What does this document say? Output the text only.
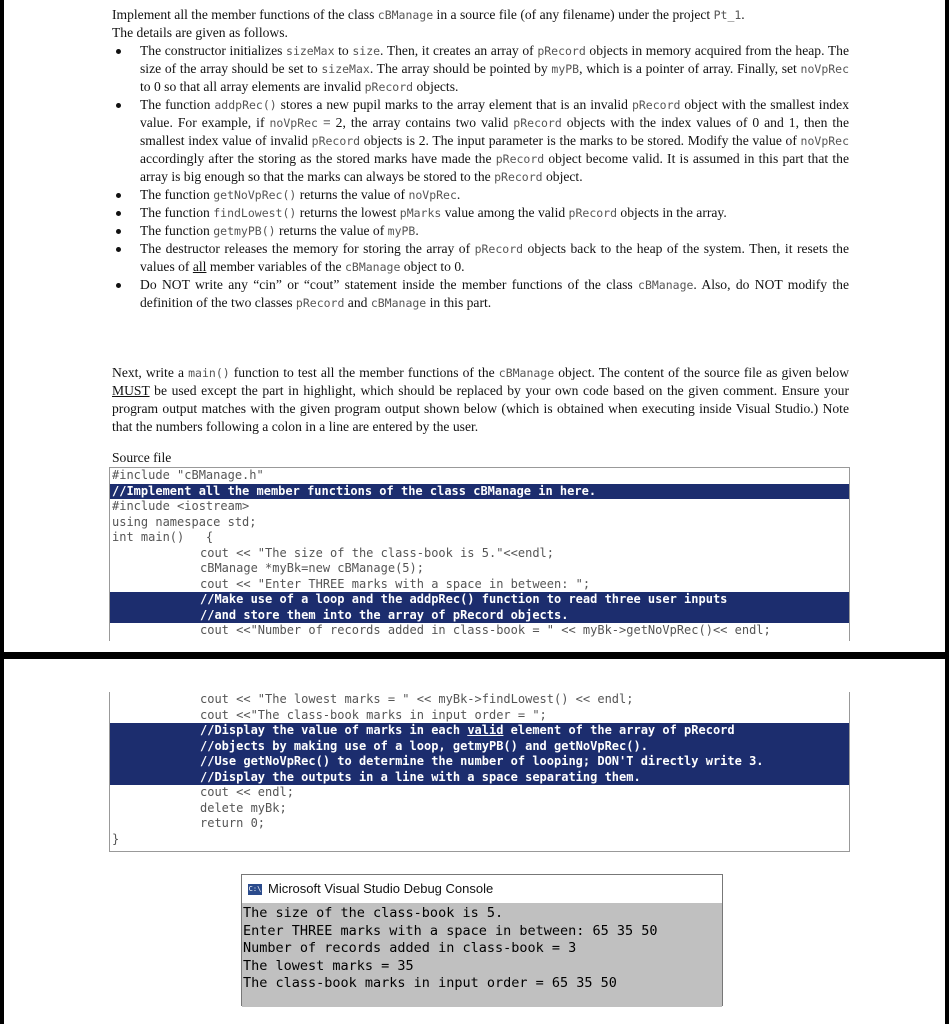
Implement all the member functions of the class cBManage in a source file (of any filename) under the project Pt_1.
The details are given as follows.
The constructor initializes sizeMax to size. Then, it creates an array of pRecord objects in memory acquired from the heap. The size of the array should be set to sizeMax. The array should be pointed by myPB, which is a pointer of array. Finally, set noVpRec to 0 so that all array elements are invalid pRecord objects.
The function addpRec() stores a new pupil marks to the array element that is an invalid pRecord object with the smallest index value. For example, if noVpRec = 2, the array contains two valid pRecord objects with the index values of 0 and 1, then the smallest index value of invalid pRecord objects is 2. The input parameter is the marks to be stored. Modify the value of noVpRec accordingly after the storing as the stored marks have made the pRecord object become valid. It is assumed in this part that the array is big enough so that the marks can always be stored to the pRecord object.
The function getNoVpRec() returns the value of noVpRec.
The function findLowest() returns the lowest pMarks value among the valid pRecord objects in the array.
The function getmyPB() returns the value of myPB.
The destructor releases the memory for storing the array of pRecord objects back to the heap of the system. Then, it resets the values of all member variables of the cBManage object to 0.
Do NOT write any “cin” or “cout” statement inside the member functions of the class cBManage. Also, do NOT modify the definition of the two classes pRecord and cBManage in this part.
Next, write a main() function to test all the member functions of the cBManage object. The content of the source file as given below MUST be used except the part in highlight, which should be replaced by your own code based on the given comment. Ensure your program output matches with the given program output shown below (which is obtained when executing inside Visual Studio.) Note that the numbers following a colon in a line are entered by the user.
Source file
#include "cBManage.h"
//Implement all the member functions of the class cBManage in here.
#include <iostream>
using namespace std;
int main()   {
cout << "The size of the class-book is 5."<<endl;
cBManage *myBk=new cBManage(5);
cout << "Enter THREE marks with a space in between: ";
//Make use of a loop and the addpRec() function to read three user inputs
//and store them into the array of pRecord objects.
cout <<"Number of records added in class-book = " << myBk->getNoVpRec()<< endl;
cout << "The lowest marks = " << myBk->findLowest() << endl;
cout <<"The class-book marks in input order = ";
//Display the value of marks in each valid element of the array of pRecord
//objects by making use of a loop, getmyPB() and getNoVpRec().
//Use getNoVpRec() to determine the number of looping; DON'T directly write 3.
//Display the outputs in a line with a space separating them.
cout << endl;
delete myBk;
return 0;
}
C:\ Microsoft Visual Studio Debug Console
The size of the class-book is 5.
Enter THREE marks with a space in between: 65 35 50
Number of records added in class-book = 3
The lowest marks = 35
The class-book marks in input order = 65 35 50
